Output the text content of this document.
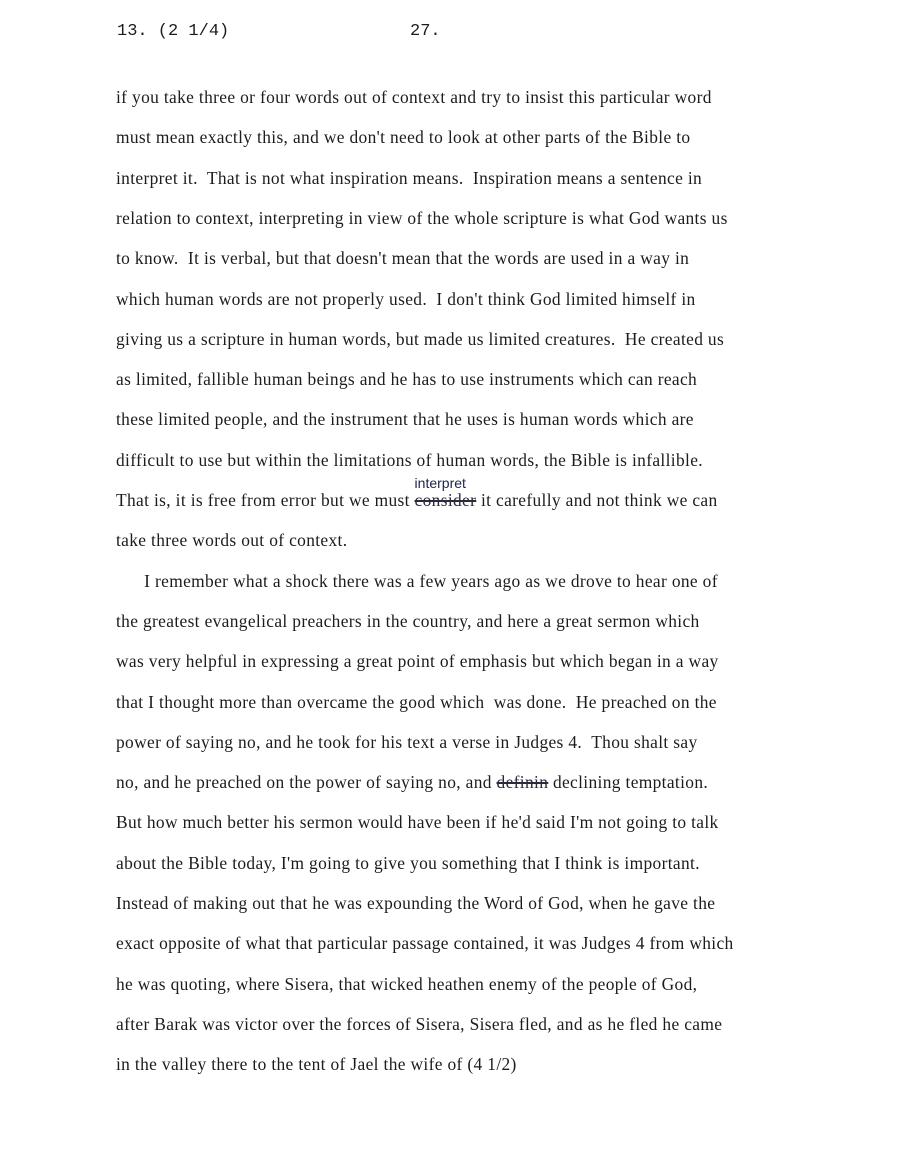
13. (2 1/4)	27.
if you take three or four words out of context and try to insist this particular word
must mean exactly this, and we don't need to look at other parts of the Bible to
interpret it.  That is not what inspiration means.  Inspiration means a sentence in
relation to context, interpreting in view of the whole scripture is what God wants us
to know.  It is verbal, but that doesn't mean that the words are used in a way in
which human words are not properly used.  I don't think God limited himself in
giving us a scripture in human words, but made us limited creatures.  He created us
as limited, fallible human beings and he has to use instruments which can reach
these limited people, and the instrument that he uses is human words which are
difficult to use but within the limitations of human words, the Bible is infallible.
That is, it is free from error but we must consider
interpret
it carefully and not think we can
take three words out of context.
I remember what a shock there was a few years ago as we drove to hear one of
the greatest evangelical preachers in the country, and here a great sermon which
was very helpful in expressing a great point of emphasis but which began in a way
that I thought more than overcame the good which  was done.  He preached on the
power of saying no, and he took for his text a verse in Judges 4.  Thou shalt say
no, and he preached on the power of saying no, and definin declining temptation.
But how much better his sermon would have been if he'd said I'm not going to talk
about the Bible today, I'm going to give you something that I think is important.
Instead of making out that he was expounding the Word of God, when he gave the
exact opposite of what that particular passage contained, it was Judges 4 from which
he was quoting, where Sisera, that wicked heathen enemy of the people of God,
after Barak was victor over the forces of Sisera, Sisera fled, and as he fled he came
in the valley there to the tent of Jael the wife of (4 1/2)
